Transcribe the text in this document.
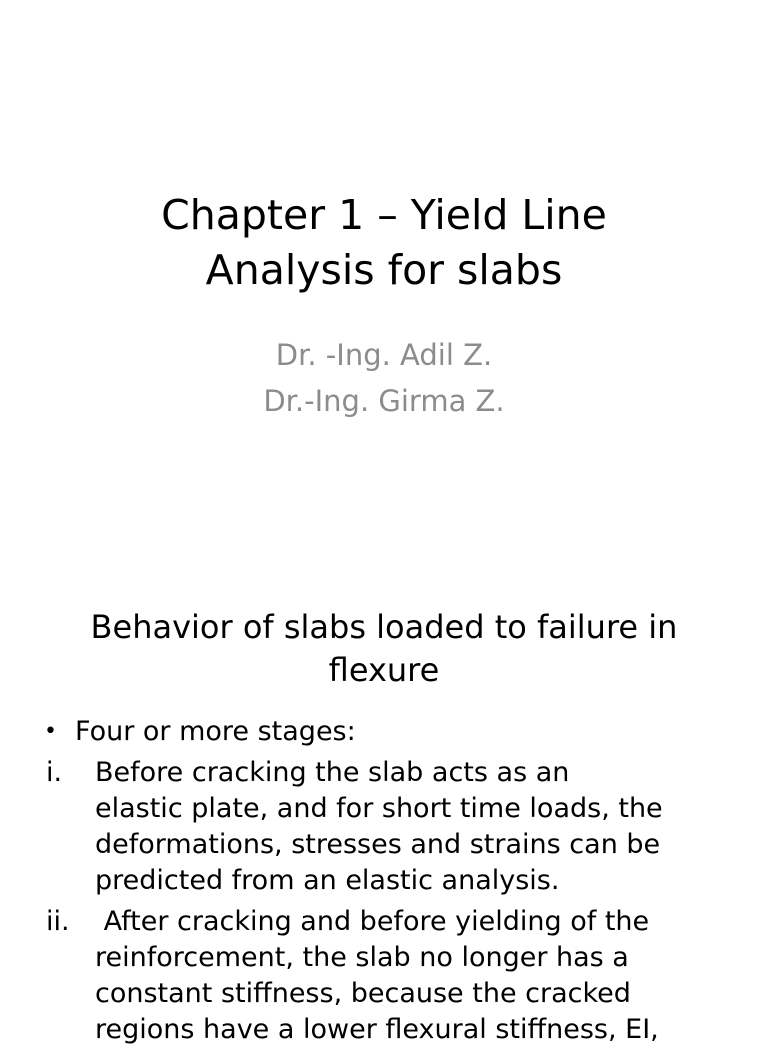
Chapter 1 – Yield Line
Analysis for slabs
Dr. -Ing. Adil Z.
Dr.-Ing. Girma Z.
Behavior of slabs loaded to failure in
flexure
• Four or more stages:
i. Before cracking the slab acts as an
elastic plate, and for short time loads, the
deformations, stresses and strains can be
predicted from an elastic analysis.
ii. After cracking and before yielding of the
reinforcement, the slab no longer has a
constant stiffness, because the cracked
regions have a lower flexural stiffness, EI,
